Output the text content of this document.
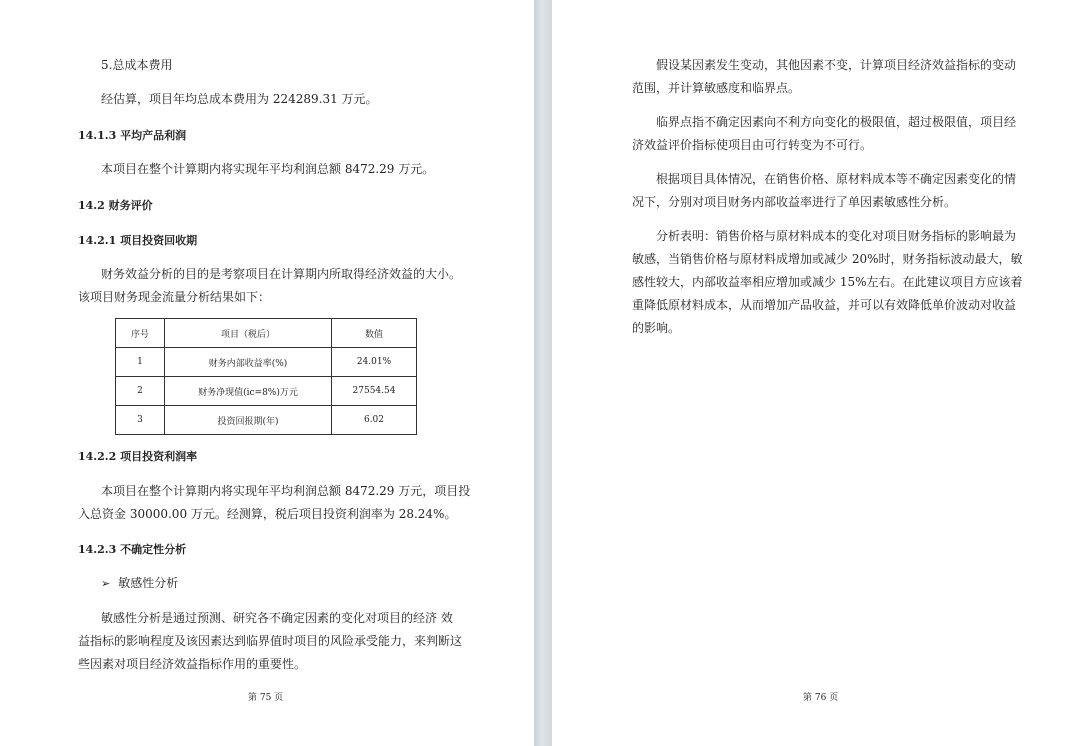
5.总成本费用
经估算，项目年均总成本费用为 224289.31 万元。
14.1.3 平均产品利润
本项目在整个计算期内将实现年平均利润总额 8472.29 万元。
14.2 财务评价
14.2.1 项目投资回收期
财务效益分析的目的是考察项目在计算期内所取得经济效益的大小。
该项目财务现金流量分析结果如下：
序号	项目（税后）	数值
1	财务内部收益率(%)	24.01%
2	财务净现值(ic=8%)万元	27554.54
3	投资回报期(年)	6.02
14.2.2 项目投资利润率
本项目在整个计算期内将实现年平均利润总额 8472.29 万元，项目投
入总资金 30000.00 万元。经测算，税后项目投资利润率为 28.24%。
14.2.3 不确定性分析
➢ 敏感性分析
敏感性分析是通过预测、研究各不确定因素的变化对项目的经济 效
益指标的影响程度及该因素达到临界值时项目的风险承受能力，来判断这
些因素对项目经济效益指标作用的重要性。
第 75 页
假设某因素发生变动，其他因素不变，计算项目经济效益指标的变动
范围，并计算敏感度和临界点。
临界点指不确定因素向不利方向变化的极限值，超过极限值，项目经
济效益评价指标使项目由可行转变为不可行。
根据项目具体情况，在销售价格、原材料成本等不确定因素变化的情
况下，分别对项目财务内部收益率进行了单因素敏感性分析。
分析表明：销售价格与原材料成本的变化对项目财务指标的影响最为
敏感，当销售价格与原材料成增加或减少 20%时，财务指标波动最大，敏
感性较大，内部收益率相应增加或减少 15%左右。在此建议项目方应该着
重降低原材料成本，从而增加产品收益，并可以有效降低单价波动对收益
的影响。
第 76 页
